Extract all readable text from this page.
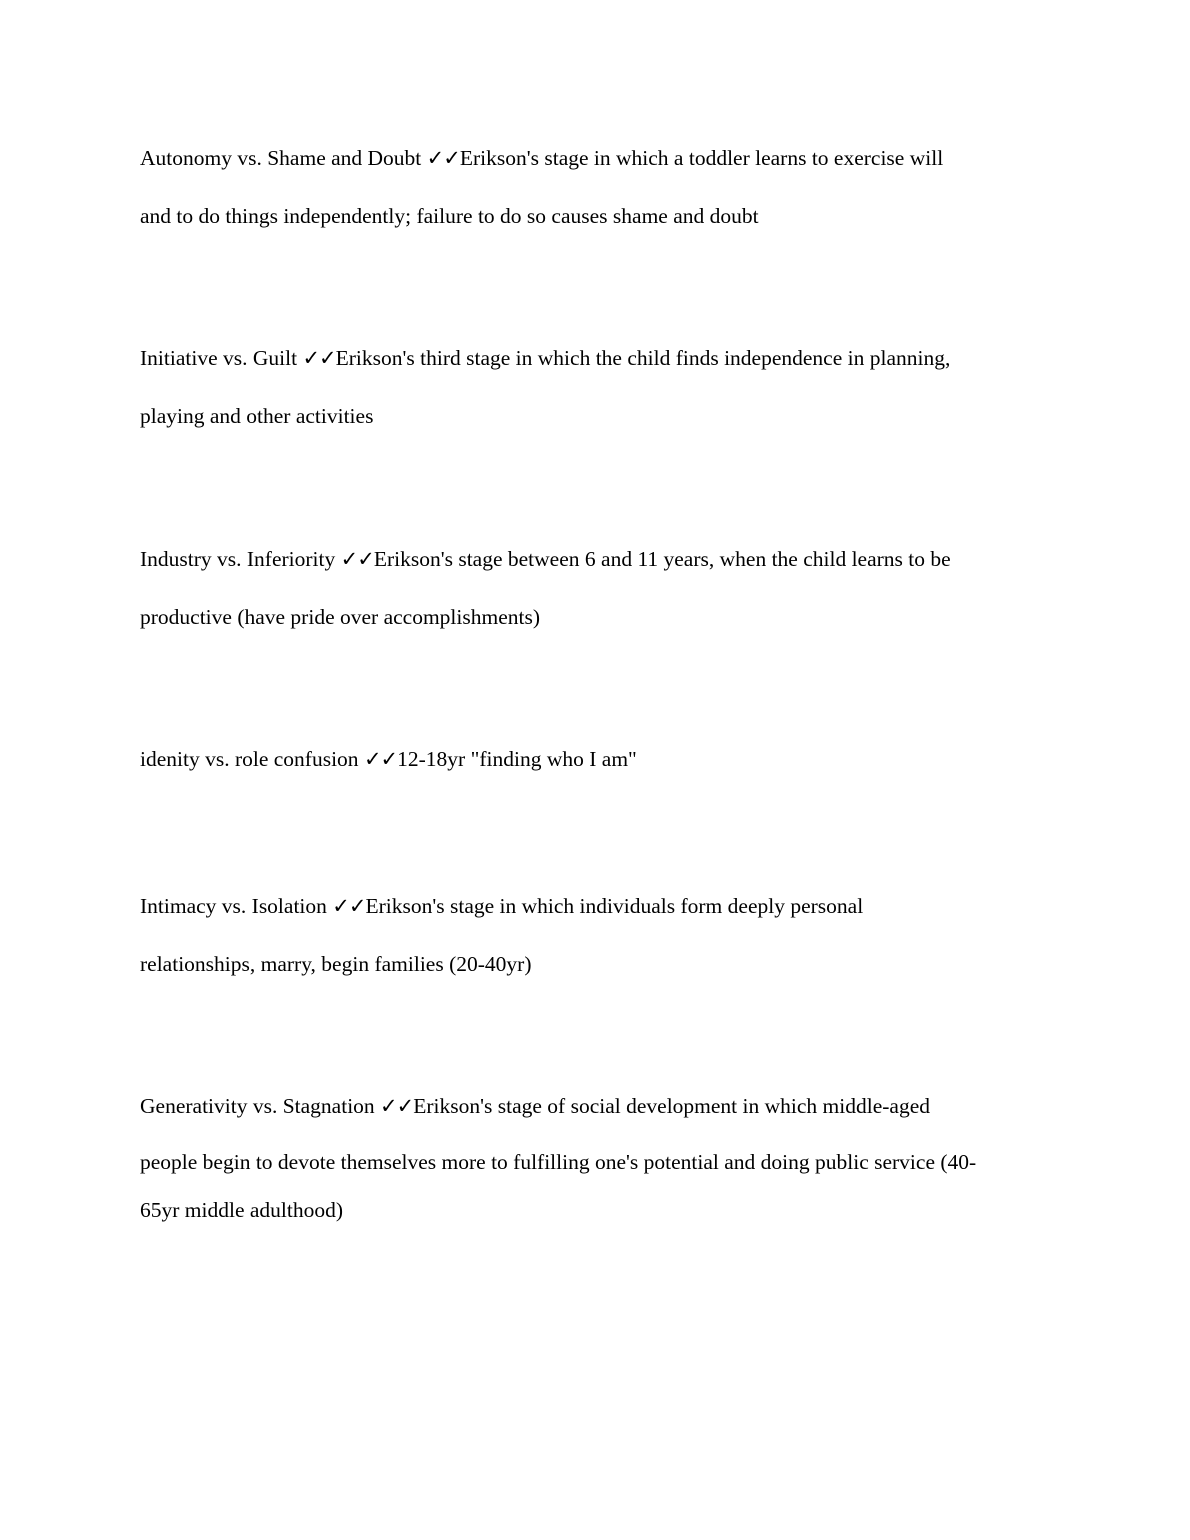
Autonomy vs. Shame and Doubt ✓✓Erikson's stage in which a toddler learns to exercise will
and to do things independently; failure to do so causes shame and doubt

Initiative vs. Guilt ✓✓Erikson's third stage in which the child finds independence in planning,
playing and other activities

Industry vs. Inferiority ✓✓Erikson's stage between 6 and 11 years, when the child learns to be
productive (have pride over accomplishments)

idenity vs. role confusion ✓✓12-18yr "finding who I am"

Intimacy vs. Isolation ✓✓Erikson's stage in which individuals form deeply personal
relationships, marry, begin families (20-40yr)

Generativity vs. Stagnation ✓✓Erikson's stage of social development in which middle-aged
people begin to devote themselves more to fulfilling one's potential and doing public service (40-
65yr middle adulthood)
